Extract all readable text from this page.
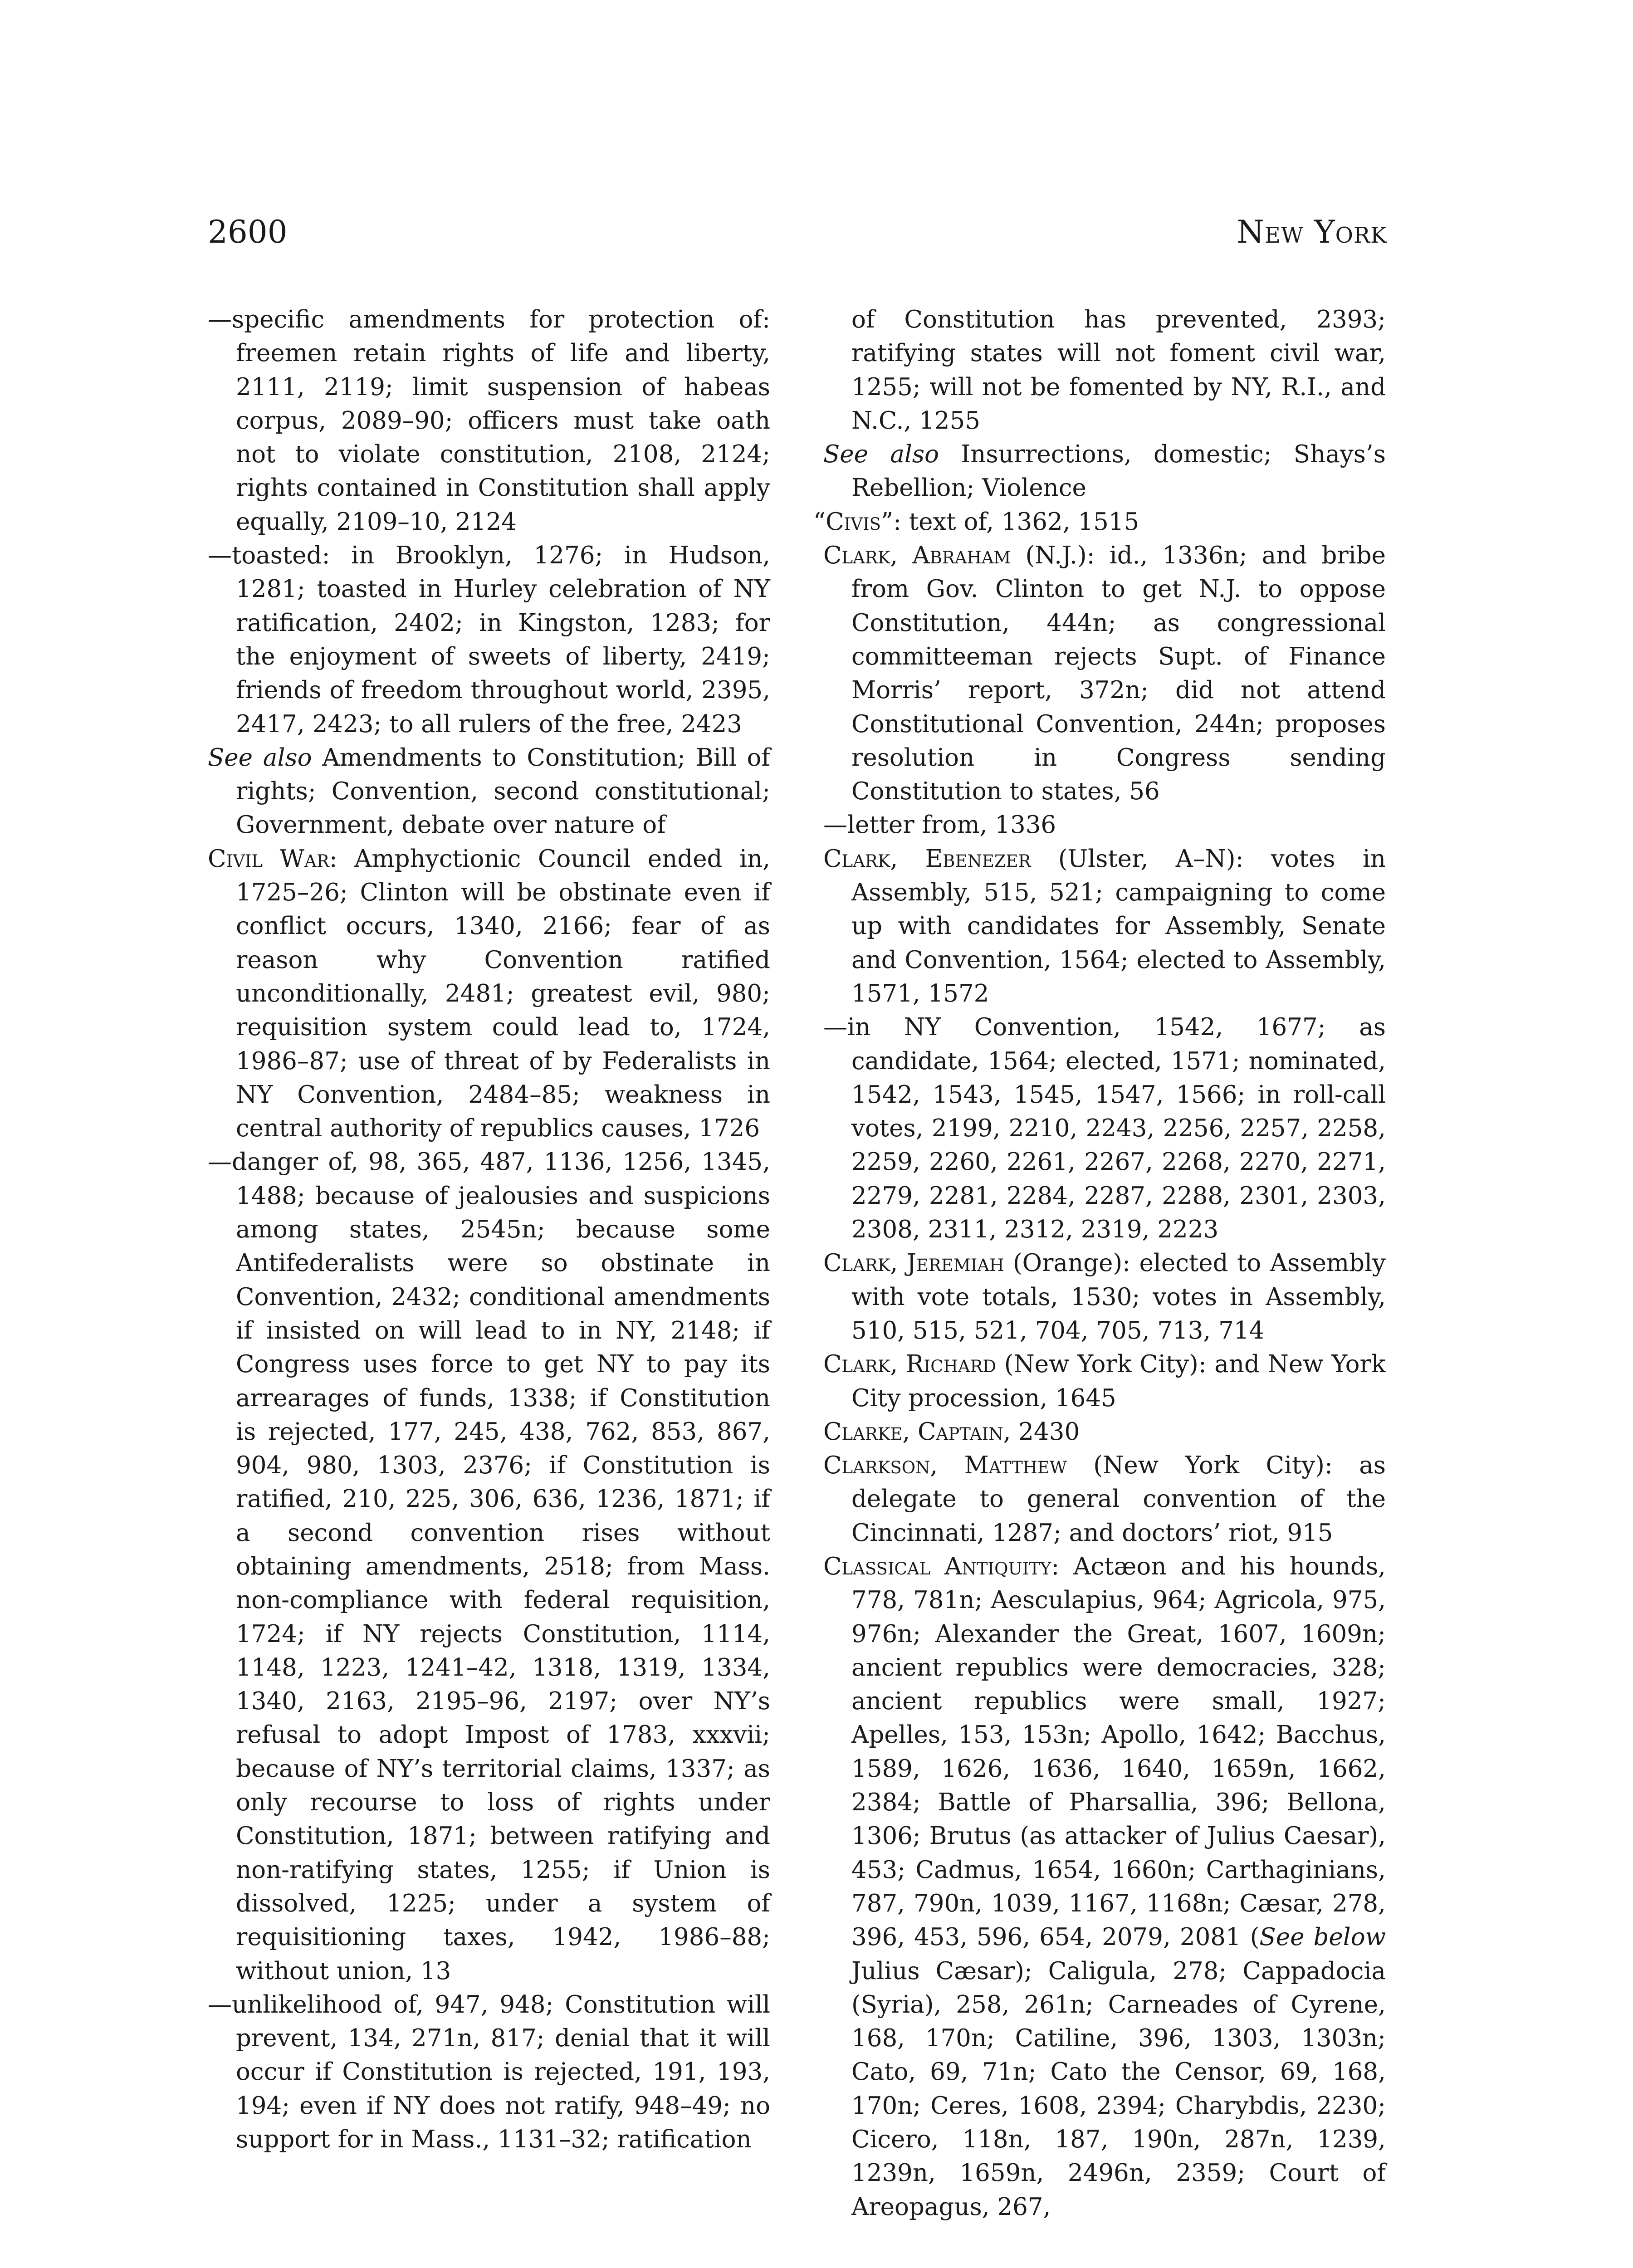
2600	New York
—specific amendments for protection of: freemen retain rights of life and liberty, 2111, 2119; limit suspension of habeas corpus, 2089–90; officers must take oath not to violate constitution, 2108, 2124; rights contained in Constitution shall apply equally, 2109–10, 2124
—toasted: in Brooklyn, 1276; in Hudson, 1281; toasted in Hurley celebration of NY ratification, 2402; in Kingston, 1283; for the enjoyment of sweets of liberty, 2419; friends of freedom throughout world, 2395, 2417, 2423; to all rulers of the free, 2423
See also Amendments to Constitution; Bill of rights; Convention, second constitutional; Government, debate over nature of
Civil War: Amphyctionic Council ended in, 1725–26; Clinton will be obstinate even if conflict occurs, 1340, 2166; fear of as reason why Convention ratified unconditionally, 2481; greatest evil, 980; requisition system could lead to, 1724, 1986–87; use of threat of by Federalists in NY Convention, 2484–85; weakness in central authority of republics causes, 1726
—danger of, 98, 365, 487, 1136, 1256, 1345, 1488; because of jealousies and suspicions among states, 2545n; because some Antifederalists were so obstinate in Convention, 2432; conditional amendments if insisted on will lead to in NY, 2148; if Congress uses force to get NY to pay its arrearages of funds, 1338; if Constitution is rejected, 177, 245, 438, 762, 853, 867, 904, 980, 1303, 2376; if Constitution is ratified, 210, 225, 306, 636, 1236, 1871; if a second convention rises without obtaining amendments, 2518; from Mass. non-compliance with federal requisition, 1724; if NY rejects Constitution, 1114, 1148, 1223, 1241–42, 1318, 1319, 1334, 1340, 2163, 2195–96, 2197; over NY’s refusal to adopt Impost of 1783, xxxvii; because of NY’s territorial claims, 1337; as only recourse to loss of rights under Constitution, 1871; between ratifying and non-ratifying states, 1255; if Union is dissolved, 1225; under a system of requisitioning taxes, 1942, 1986–88; without union, 13
—unlikelihood of, 947, 948; Constitution will prevent, 134, 271n, 817; denial that it will occur if Constitution is rejected, 191, 193, 194; even if NY does not ratify, 948–49; no support for in Mass., 1131–32; ratification
of Constitution has prevented, 2393; ratifying states will not foment civil war, 1255; will not be fomented by NY, R.I., and N.C., 1255
See also Insurrections, domestic; Shays’s Rebellion; Violence
“Civis”: text of, 1362, 1515
Clark, Abraham (N.J.): id., 1336n; and bribe from Gov. Clinton to get N.J. to oppose Constitution, 444n; as congressional committeeman rejects Supt. of Finance Morris’ report, 372n; did not attend Constitutional Convention, 244n; proposes resolution in Congress sending Constitution to states, 56
—letter from, 1336
Clark, Ebenezer (Ulster, A–N): votes in Assembly, 515, 521; campaigning to come up with candidates for Assembly, Senate and Convention, 1564; elected to Assembly, 1571, 1572
—in NY Convention, 1542, 1677; as candidate, 1564; elected, 1571; nominated, 1542, 1543, 1545, 1547, 1566; in roll-call votes, 2199, 2210, 2243, 2256, 2257, 2258, 2259, 2260, 2261, 2267, 2268, 2270, 2271, 2279, 2281, 2284, 2287, 2288, 2301, 2303, 2308, 2311, 2312, 2319, 2223
Clark, Jeremiah (Orange): elected to Assembly with vote totals, 1530; votes in Assembly, 510, 515, 521, 704, 705, 713, 714
Clark, Richard (New York City): and New York City procession, 1645
Clarke, Captain, 2430
Clarkson, Matthew (New York City): as delegate to general convention of the Cincinnati, 1287; and doctors’ riot, 915
Classical Antiquity: Actæon and his hounds, 778, 781n; Aesculapius, 964; Agricola, 975, 976n; Alexander the Great, 1607, 1609n; ancient republics were democracies, 328; ancient republics were small, 1927; Apelles, 153, 153n; Apollo, 1642; Bacchus, 1589, 1626, 1636, 1640, 1659n, 1662, 2384; Battle of Pharsallia, 396; Bellona, 1306; Brutus (as attacker of Julius Caesar), 453; Cadmus, 1654, 1660n; Carthaginians, 787, 790n, 1039, 1167, 1168n; Cæsar, 278, 396, 453, 596, 654, 2079, 2081 (See below Julius Cæsar); Caligula, 278; Cappadocia (Syria), 258, 261n; Carneades of Cyrene, 168, 170n; Catiline, 396, 1303, 1303n; Cato, 69, 71n; Cato the Censor, 69, 168, 170n; Ceres, 1608, 2394; Charybdis, 2230; Cicero, 118n, 187, 190n, 287n, 1239, 1239n, 1659n, 2496n, 2359; Court of Areopagus, 267,
